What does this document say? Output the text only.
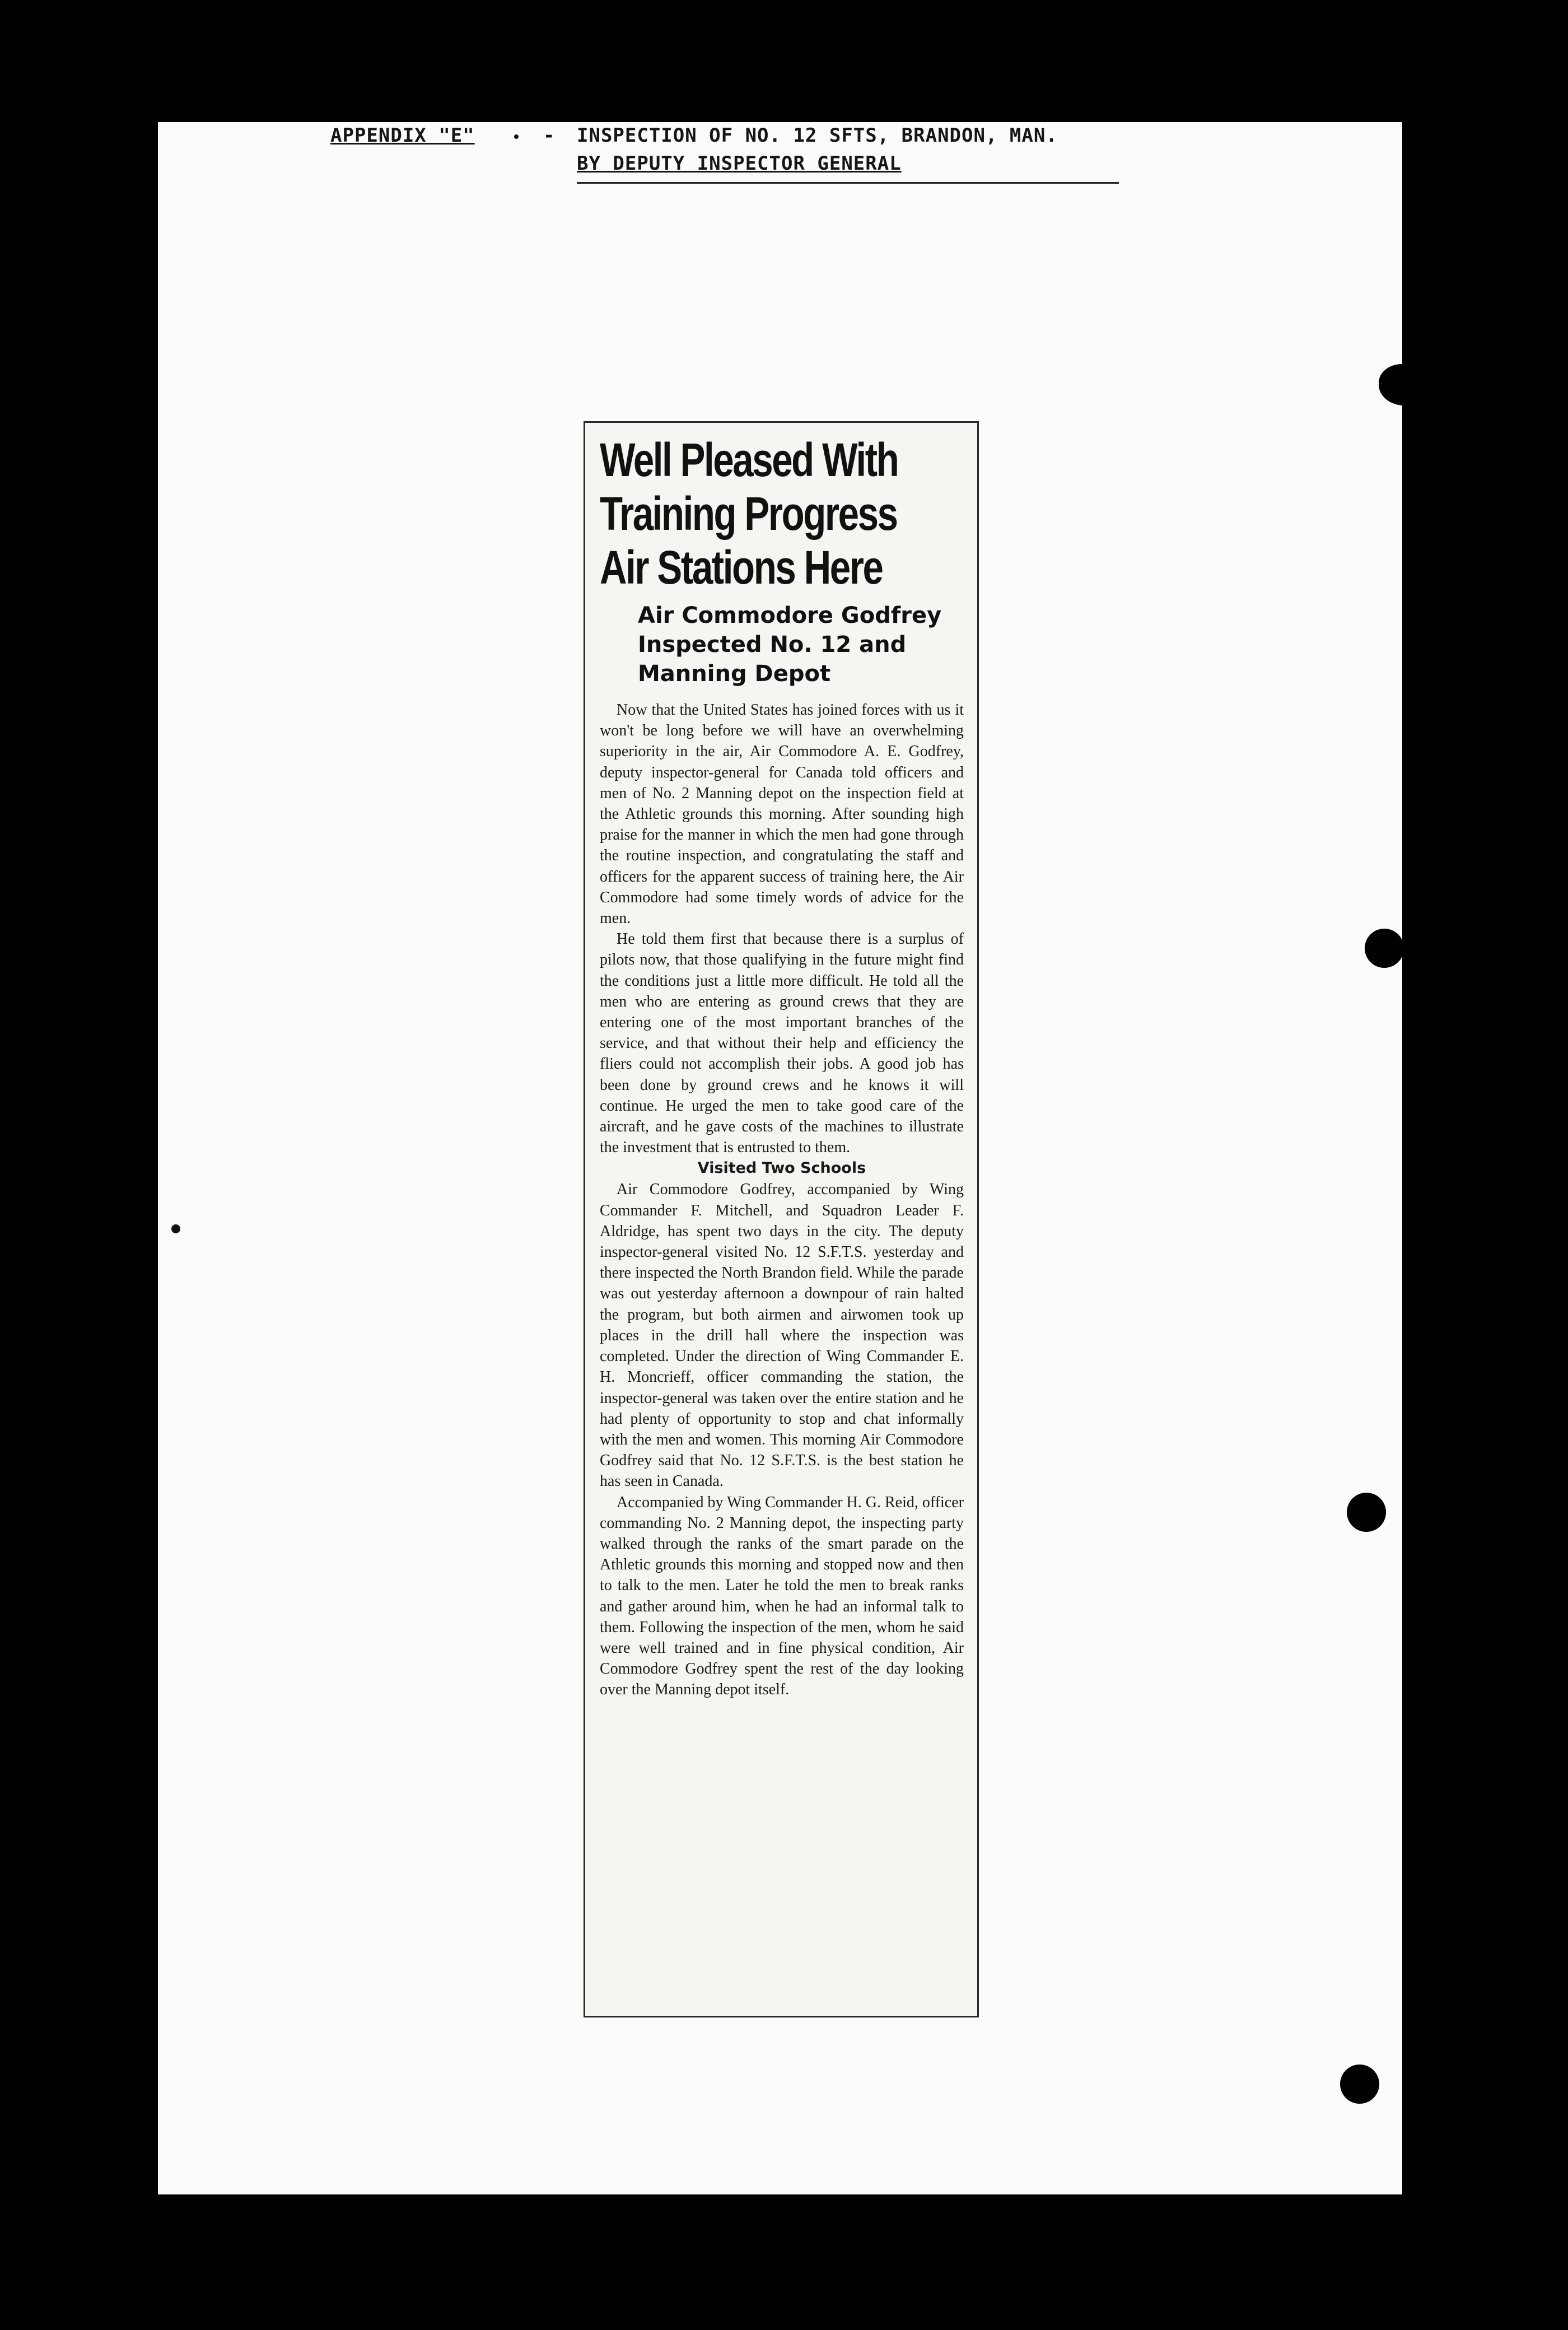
APPENDIX "E"	- INSPECTION OF NO. 12 SFTS, BRANDON, MAN.
BY DEPUTY INSPECTOR GENERAL
Well Pleased With
Training Progress
Air Stations Here
Air Commodore Godfrey
Inspected No. 12 and
Manning Depot

Now that the United States has joined forces with us it won't be long before we will have an overwhelming superiority in the air, Air Commodore A. E. Godfrey, deputy inspector-general for Canada told officers and men of No. 2 Manning depot on the inspection field at the Athletic grounds this morning. After sounding high praise for the manner in which the men had gone through the routine inspection, and congratulating the staff and officers for the apparent success of training here, the Air Commodore had some timely words of advice for the men.

He told them first that because there is a surplus of pilots now, that those qualifying in the future might find the conditions just a little more difficult. He told all the men who are entering as ground crews that they are entering one of the most important branches of the service, and that without their help and efficiency the fliers could not accomplish their jobs. A good job has been done by ground crews and he knows it will continue. He urged the men to take good care of the aircraft, and he gave costs of the machines to illustrate the investment that is entrusted to them.

Visited Two Schools

Air Commodore Godfrey, accompanied by Wing Commander F. Mitchell, and Squadron Leader F. Aldridge, has spent two days in the city. The deputy inspector-general visited No. 12 S.F.T.S. yesterday and there inspected the North Brandon field. While the parade was out yesterday afternoon a downpour of rain halted the program, but both airmen and airwomen took up places in the drill hall where the inspection was completed. Under the direction of Wing Commander E. H. Moncrieff, officer commanding the station, the inspector-general was taken over the entire station and he had plenty of opportunity to stop and chat informally with the men and women. This morning Air Commodore Godfrey said that No. 12 S.F.T.S. is the best station he has seen in Canada.

Accompanied by Wing Commander H. G. Reid, officer commanding No. 2 Manning depot, the inspecting party walked through the ranks of the smart parade on the Athletic grounds this morning and stopped now and then to talk to the men. Later he told the men to break ranks and gather around him, when he had an informal talk to them. Following the inspection of the men, whom he said were well trained and in fine physical condition, Air Commodore Godfrey spent the rest of the day looking over the Manning depot itself.
